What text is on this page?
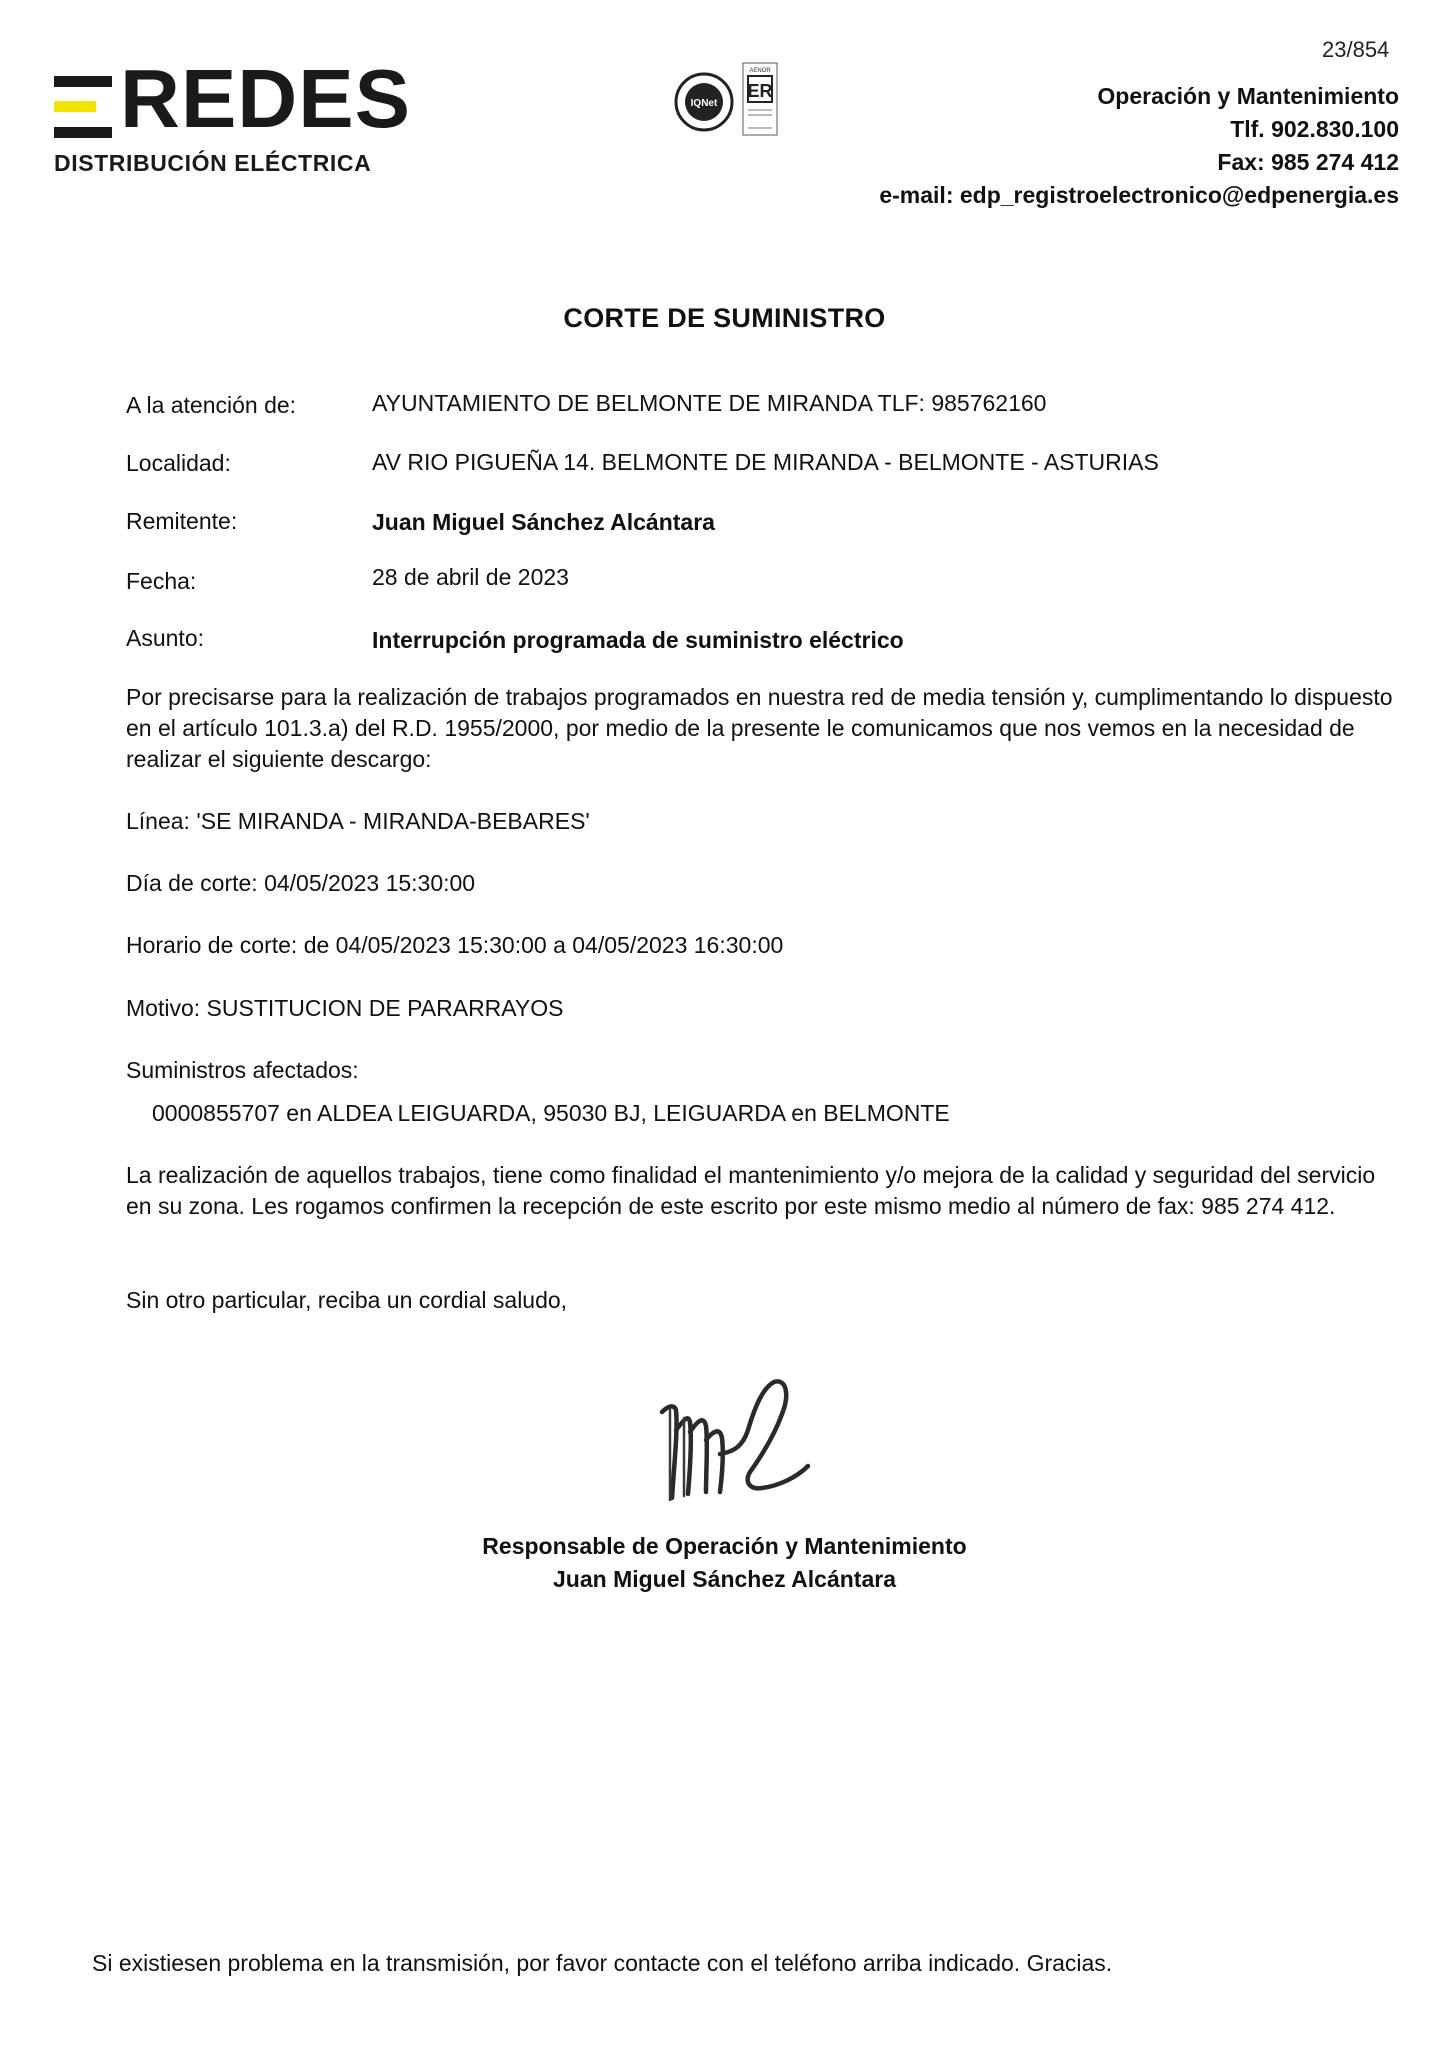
23/854
REDES
DISTRIBUCIÓN ELÉCTRICA
IQNet
AENOR
ER	Operación y Mantenimiento
Tlf. 902.830.100
Fax: 985 274 412
e-mail: edp_registroelectronico@edpenergia.es
CORTE DE SUMINISTRO
A la atención de:	AYUNTAMIENTO DE BELMONTE DE MIRANDA TLF: 985762160
Localidad:	AV RIO PIGUEÑA 14. BELMONTE DE MIRANDA - BELMONTE - ASTURIAS
Remitente:	Juan Miguel Sánchez Alcántara
Fecha:	28 de abril de 2023
Asunto:	Interrupción programada de suministro eléctrico
Por precisarse para la realización de trabajos programados en nuestra red de media tensión y, cumplimentando lo dispuesto en el artículo 101.3.a) del R.D. 1955/2000, por medio de la presente le comunicamos que nos vemos en la necesidad de realizar el siguiente descargo:
Línea: 'SE MIRANDA - MIRANDA-BEBARES'
Día de corte: 04/05/2023 15:30:00
Horario de corte: de 04/05/2023 15:30:00 a 04/05/2023 16:30:00
Motivo: SUSTITUCION DE PARARRAYOS
Suministros afectados:
0000855707 en ALDEA LEIGUARDA, 95030 BJ, LEIGUARDA en BELMONTE
La realización de aquellos trabajos, tiene como finalidad el mantenimiento y/o mejora de la calidad y seguridad del servicio en su zona. Les rogamos confirmen la recepción de este escrito por este mismo medio al número de fax: 985 274 412.
Sin otro particular, reciba un cordial saludo,
Responsable de Operación y Mantenimiento
Juan Miguel Sánchez Alcántara
Si existiesen problema en la transmisión, por favor contacte con el teléfono arriba indicado. Gracias.
